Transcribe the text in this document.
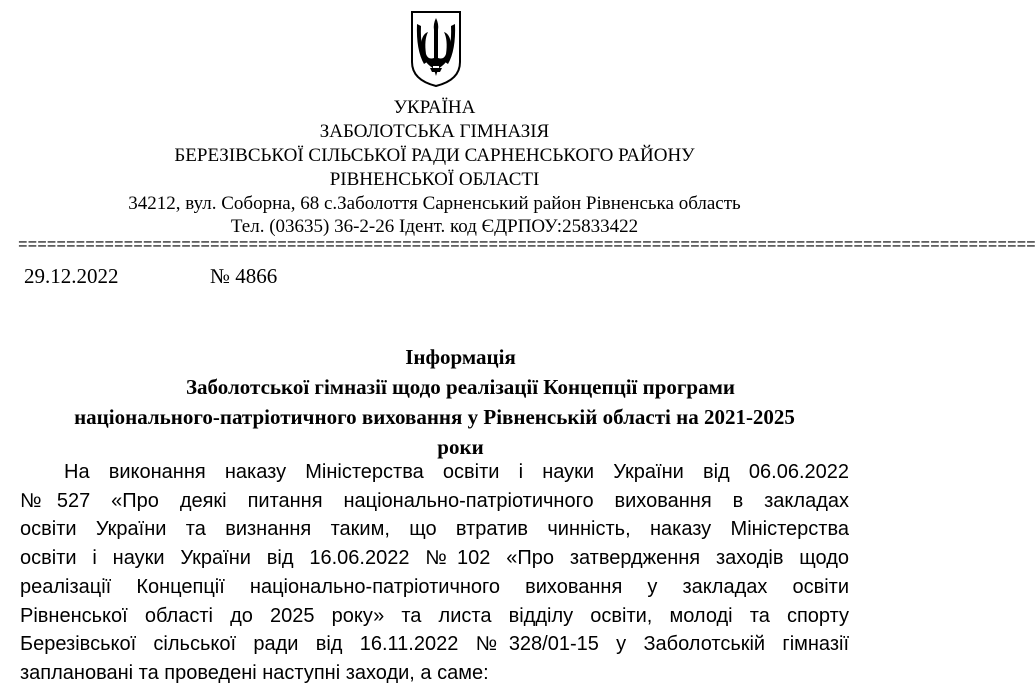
УКРАЇНА
ЗАБОЛОТСЬКА ГІМНАЗІЯ
БЕРЕЗІВСЬКОЇ СІЛЬСЬКОЇ РАДИ САРНЕНСЬКОГО РАЙОНУ
РІВНЕНСЬКОЇ ОБЛАСТІ
34212, вул. Соборна, 68 с.Заболоття Сарненський район Рівненська область
Тел. (03635) 36-2-26 Ідент. код ЄДРПОУ:25833422
==========================================================================================================
29.12.2022	№ 4866
Інформація
Заболотської гімназії щодо реалізації Концепції програми
національного-патріотичного виховання у Рівненській області на 2021-2025
роки
На виконання наказу Міністерства освіти і науки України від 06.06.2022
№527 «Про деякі питання національно-патріотичного виховання в закладах
освіти України та визнання таким, що втратив чинність, наказу Міністерства
освіти і науки України від 16.06.2022 №102 «Про затвердження заходів щодо
реалізації Концепції національно-патріотичного виховання у закладах освіти
Рівненської області до 2025 року» та листа відділу освіти, молоді та спорту
Березівської сільської ради від 16.11.2022 №328/01-15 у Заболотській гімназії
заплановані та проведені наступні заходи, а саме:
